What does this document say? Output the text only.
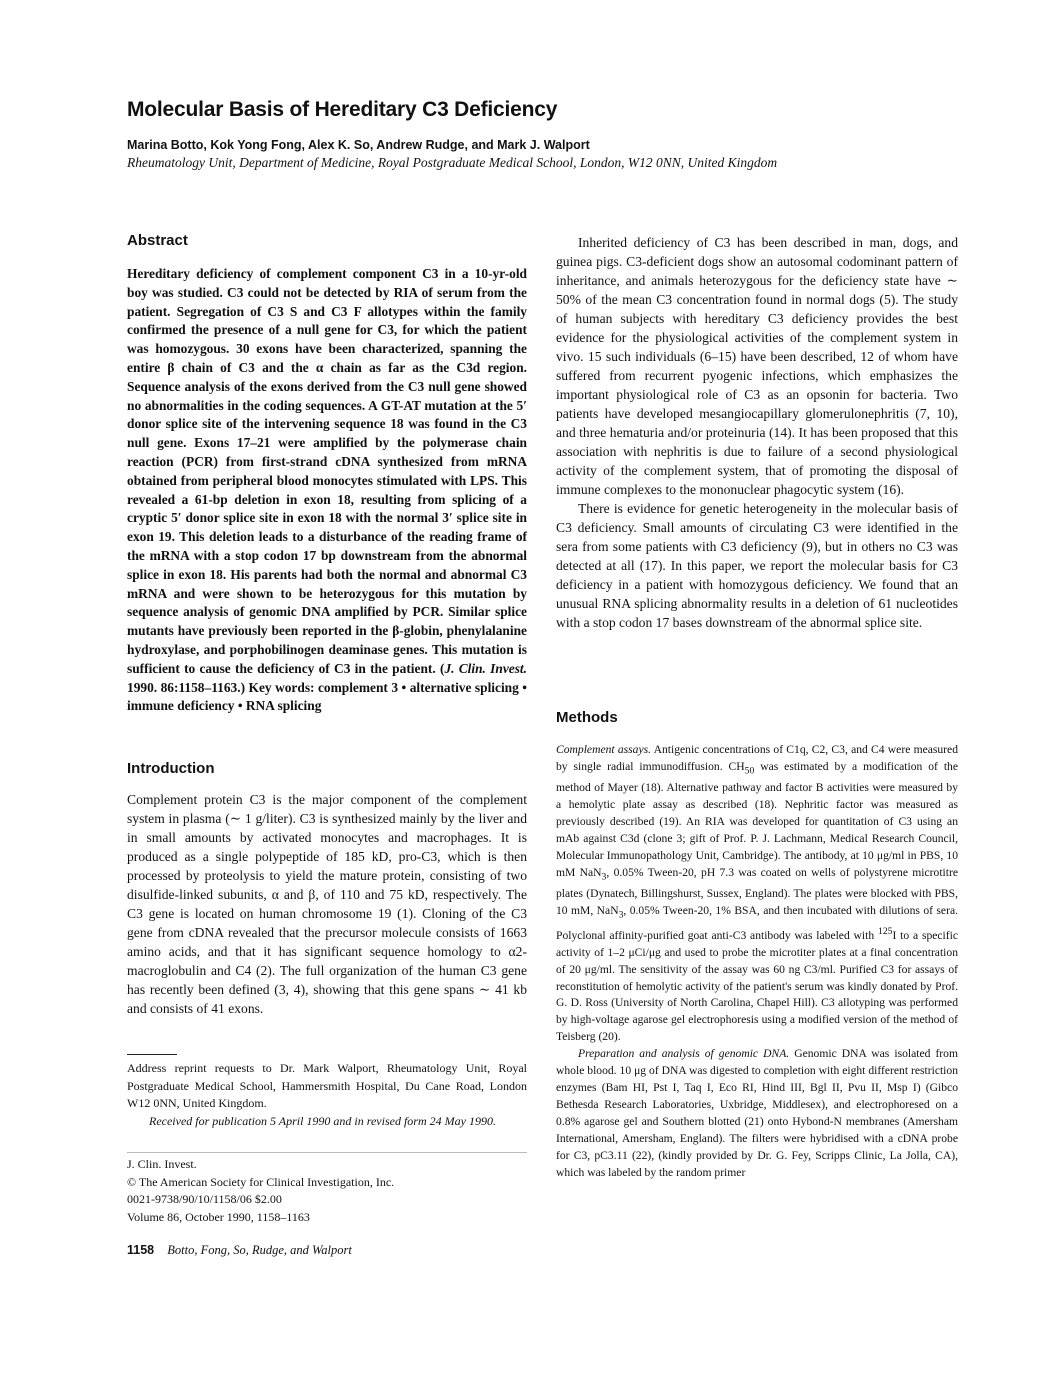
Molecular Basis of Hereditary C3 Deficiency
Marina Botto, Kok Yong Fong, Alex K. So, Andrew Rudge, and Mark J. Walport
Rheumatology Unit, Department of Medicine, Royal Postgraduate Medical School, London, W12 0NN, United Kingdom
Abstract
Hereditary deficiency of complement component C3 in a 10-yr-old boy was studied. C3 could not be detected by RIA of serum from the patient. Segregation of C3 S and C3 F allotypes within the family confirmed the presence of a null gene for C3, for which the patient was homozygous. 30 exons have been characterized, spanning the entire β chain of C3 and the α chain as far as the C3d region. Sequence analysis of the exons derived from the C3 null gene showed no abnormalities in the coding sequences. A GT-AT mutation at the 5′ donor splice site of the intervening sequence 18 was found in the C3 null gene. Exons 17–21 were amplified by the polymerase chain reaction (PCR) from first-strand cDNA synthesized from mRNA obtained from peripheral blood monocytes stimulated with LPS. This revealed a 61-bp deletion in exon 18, resulting from splicing of a cryptic 5′ donor splice site in exon 18 with the normal 3′ splice site in exon 19. This deletion leads to a disturbance of the reading frame of the mRNA with a stop codon 17 bp downstream from the abnormal splice in exon 18. His parents had both the normal and abnormal C3 mRNA and were shown to be heterozygous for this mutation by sequence analysis of genomic DNA amplified by PCR. Similar splice mutants have previously been reported in the β-globin, phenylalanine hydroxylase, and porphobilinogen deaminase genes. This mutation is sufficient to cause the deficiency of C3 in the patient. (J. Clin. Invest. 1990. 86:1158–1163.) Key words: complement 3 • alternative splicing • immune deficiency • RNA splicing
Introduction

Complement protein C3 is the major component of the complement system in plasma (∼ 1 g/liter). C3 is synthesized mainly by the liver and in small amounts by activated monocytes and macrophages. It is produced as a single polypeptide of 185 kD, pro-C3, which is then processed by proteolysis to yield the mature protein, consisting of two disulfide-linked subunits, α and β, of 110 and 75 kD, respectively. The C3 gene is located on human chromosome 19 (1). Cloning of the C3 gene from cDNA revealed that the precursor molecule consists of 1663 amino acids, and that it has significant sequence homology to α2-macroglobulin and C4 (2). The full organization of the human C3 gene has recently been defined (3, 4), showing that this gene spans ∼ 41 kb and consists of 41 exons.

Address reprint requests to Dr. Mark Walport, Rheumatology Unit, Royal Postgraduate Medical School, Hammersmith Hospital, Du Cane Road, London W12 0NN, United Kingdom.
Received for publication 5 April 1990 and in revised form 24 May 1990.
J. Clin. Invest.
© The American Society for Clinical Investigation, Inc.
0021-9738/90/10/1158/06 $2.00
Volume 86, October 1990, 1158–1163
1158 Botto, Fong, So, Rudge, and Walport

Inherited deficiency of C3 has been described in man, dogs, and guinea pigs. C3-deficient dogs show an autosomal codominant pattern of inheritance, and animals heterozygous for the deficiency state have ∼ 50% of the mean C3 concentration found in normal dogs (5). The study of human subjects with hereditary C3 deficiency provides the best evidence for the physiological activities of the complement system in vivo. 15 such individuals (6–15) have been described, 12 of whom have suffered from recurrent pyogenic infections, which emphasizes the important physiological role of C3 as an opsonin for bacteria. Two patients have developed mesangiocapillary glomerulonephritis (7, 10), and three hematuria and/or proteinuria (14). It has been proposed that this association with nephritis is due to failure of a second physiological activity of the complement system, that of promoting the disposal of immune complexes to the mononuclear phagocytic system (16).

There is evidence for genetic heterogeneity in the molecular basis of C3 deficiency. Small amounts of circulating C3 were identified in the sera from some patients with C3 deficiency (9), but in others no C3 was detected at all (17). In this paper, we report the molecular basis for C3 deficiency in a patient with homozygous deficiency. We found that an unusual RNA splicing abnormality results in a deletion of 61 nucleotides with a stop codon 17 bases downstream of the abnormal splice site.

Methods

Complement assays. Antigenic concentrations of C1q, C2, C3, and C4 were measured by single radial immunodiffusion. $CH_{50}$ was estimated by a modification of the method of Mayer (18). Alternative pathway and factor B activities were measured by a hemolytic plate assay as described (18). Nephritic factor was measured as previously described (19). An RIA was developed for quantitation of C3 using an mAb against C3d (clone 3; gift of Prof. P. J. Lachmann, Medical Research Council, Molecular Immunopathology Unit, Cambridge). The antibody, at 10 μg/ml in PBS, 10 mM NaN$_3$, 0.05% Tween-20, pH 7.3 was coated on wells of polystyrene microtitre plates (Dynatech, Billingshurst, Sussex, England). The plates were blocked with PBS, 10 mM, NaN$_3$, 0.05% Tween-20, 1% BSA, and then incubated with dilutions of sera. Polyclonal affinity-purified goat anti-C3 antibody was labeled with $^{125}$I to a specific activity of 1–2 μCi/μg and used to probe the microtiter plates at a final concentration of 20 μg/ml. The sensitivity of the assay was 60 ng C3/ml. Purified C3 for assays of reconstitution of hemolytic activity of the patient's serum was kindly donated by Prof. G. D. Ross (University of North Carolina, Chapel Hill). C3 allotyping was performed by high-voltage agarose gel electrophoresis using a modified version of the method of Teisberg (20).

Preparation and analysis of genomic DNA. Genomic DNA was isolated from whole blood. 10 μg of DNA was digested to completion with eight different restriction enzymes (Bam HI, Pst I, Taq I, Eco RI, Hind III, Bgl II, Pvu II, Msp I) (Gibco Bethesda Research Laboratories, Uxbridge, Middlesex), and electrophoresed on a 0.8% agarose gel and Southern blotted (21) onto Hybond-N membranes (Amersham International, Amersham, England). The filters were hybridised with a cDNA probe for C3, pC3.11 (22), (kindly provided by Dr. G. Fey, Scripps Clinic, La Jolla, CA), which was labeled by the random primer
